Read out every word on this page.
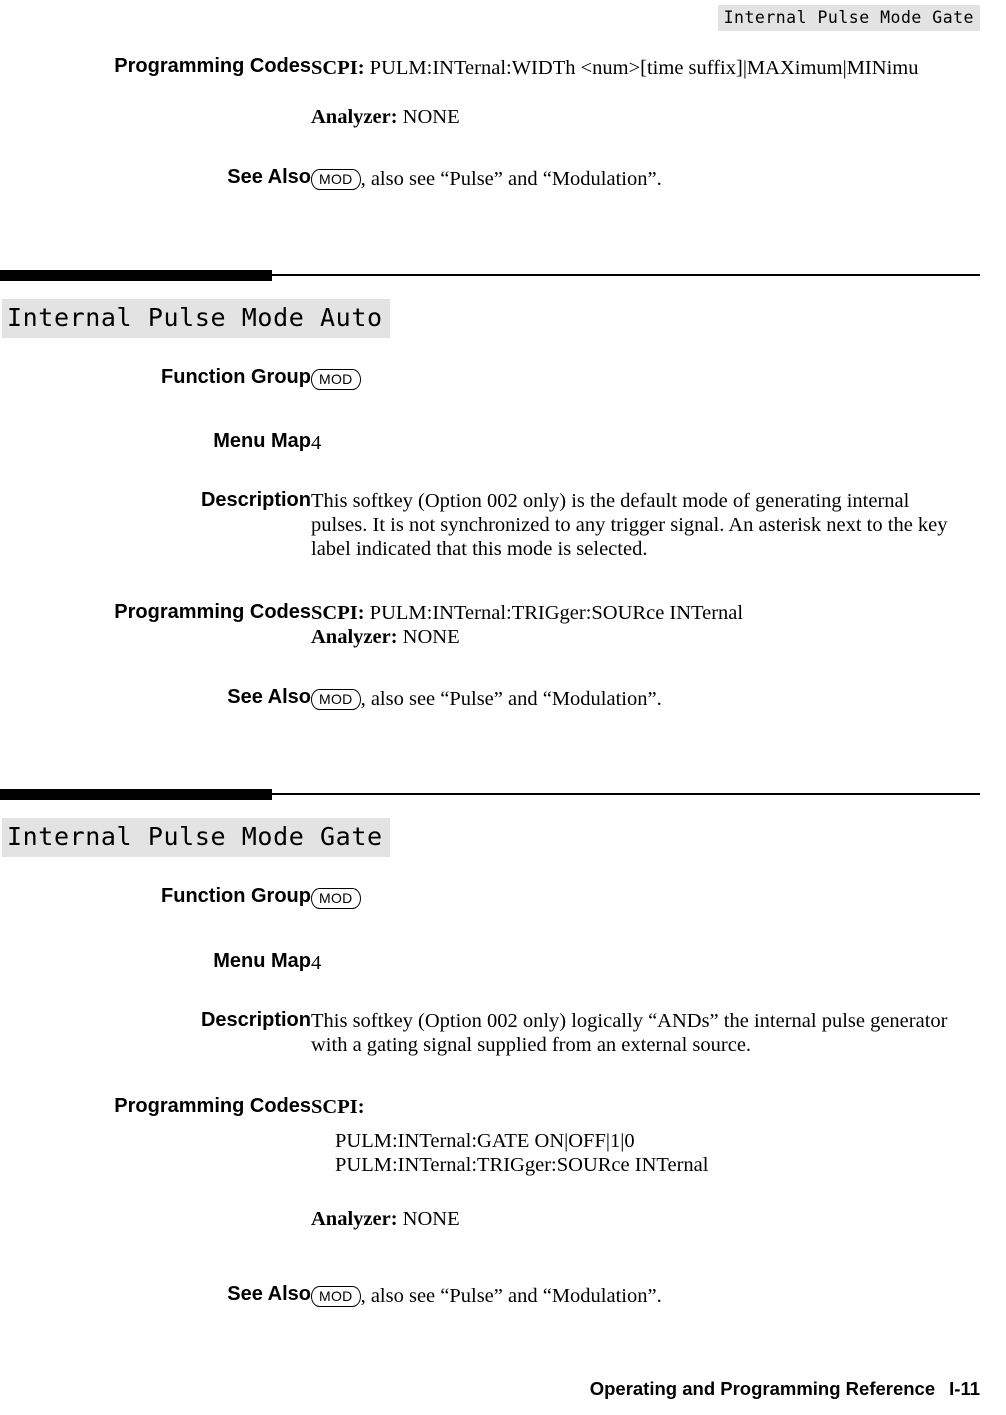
Internal Pulse Mode Gate
Programming Codes SCPI: PULM:INTernal:WIDTh <num>[time suffix]|MAXimum|MINimu
Analyzer: NONE
See Also MOD , also see “Pulse” and “Modulation”.
Internal Pulse Mode Auto
Function Group MOD
Menu Map 4
Description This softkey (Option 002 only) is the default mode of generating internal pulses. It is not synchronized to any trigger signal. An asterisk next to the key label indicated that this mode is selected.
Programming Codes SCPI: PULM:INTernal:TRIGger:SOURce INTernal
Analyzer: NONE
See Also MOD , also see “Pulse” and “Modulation”.
Internal Pulse Mode Gate
Function Group MOD
Menu Map 4
Description This softkey (Option 002 only) logically “ANDs” the internal pulse generator with a gating signal supplied from an external source.
Programming Codes SCPI:
PULM:INTernal:GATE ON|OFF|1|0
PULM:INTernal:TRIGger:SOURce INTernal
Analyzer: NONE
See Also MOD , also see “Pulse” and “Modulation”.
Operating and Programming Reference I-11
